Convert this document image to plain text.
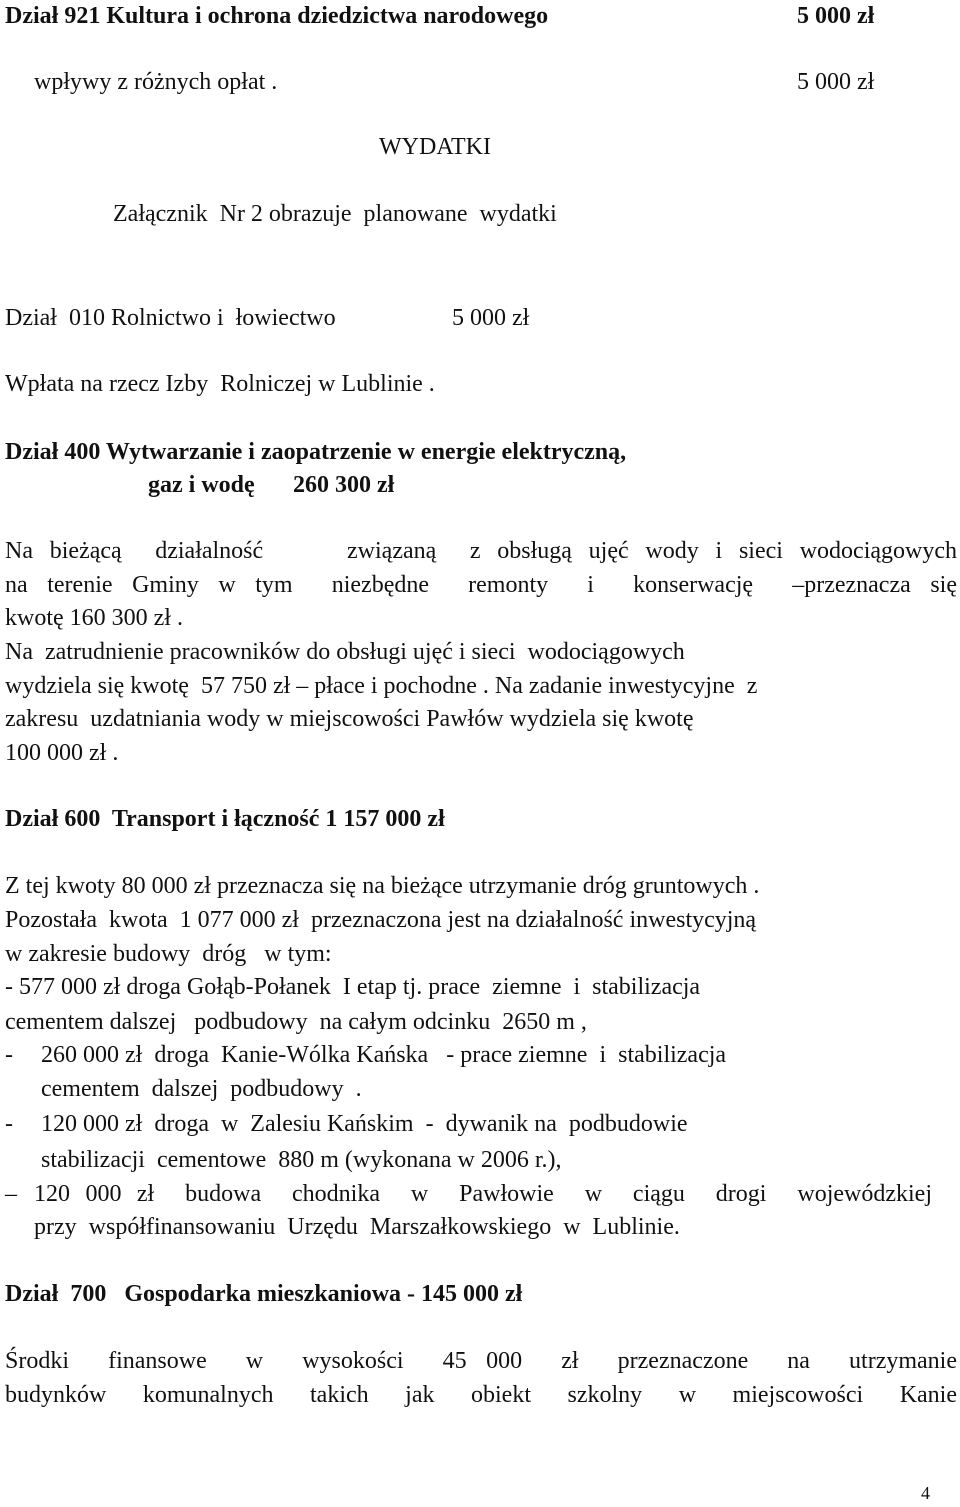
Dział 921 Kultura i ochrona dziedzictwa narodowego	5 000 zł
wpływy z różnych opłat .	5 000 zł
WYDATKI
Załącznik  Nr 2 obrazuje  planowane  wydatki
Dział  010 Rolnictwo i  łowiectwo	5 000 zł
Wpłata na rzecz Izby  Rolniczej w Lublinie .
Dział 400 Wytwarzanie i zaopatrzenie w energie elektryczną,
gaz i wodę 260 300 zł
Na bieżącą  działalność     związaną  z obsługą ujęć wody i sieci wodociągowych
na terenie Gminy w tym  niezbędne  remonty  i  konserwację  –przeznacza się
kwotę 160 300 zł .
Na  zatrudnienie pracowników do obsługi ujęć i sieci  wodociągowych
wydziela się kwotę  57 750 zł – płace i pochodne . Na zadanie inwestycyjne  z
zakresu  uzdatniania wody w miejscowości Pawłów wydziela się kwotę
100 000 zł .
Dział 600  Transport i łączność 1 157 000 zł
Z tej kwoty 80 000 zł przeznacza się na bieżące utrzymanie dróg gruntowych .
Pozostała  kwota  1 077 000 zł  przeznaczona jest na działalność inwestycyjną
w zakresie budowy  dróg   w tym:
- 577 000 zł droga Gołąb-Połanek  I etap tj. prace  ziemne  i  stabilizacja
cementem dalszej   podbudowy  na całym odcinku  2650 m ,
- 260 000 zł  droga  Kanie-Wólka Kańska   - prace ziemne  i  stabilizacja
cementem  dalszej  podbudowy  .
- 120 000 zł  droga  w  Zalesiu Kańskim  -  dywanik na  podbudowie
stabilizacji  cementowe  880 m (wykonana w 2006 r.),
– 120 000 zł  budowa  chodnika  w  Pawłowie  w  ciągu  drogi  wojewódzkiej
przy  współfinansowaniu  Urzędu  Marszałkowskiego  w  Lublinie.
Dział  700   Gospodarka mieszkaniowa - 145 000 zł
Środki  finansowe  w  wysokości  45 000  zł  przeznaczone  na  utrzymanie
budynków  komunalnych  takich  jak  obiekt  szkolny  w  miejscowości  Kanie
4
